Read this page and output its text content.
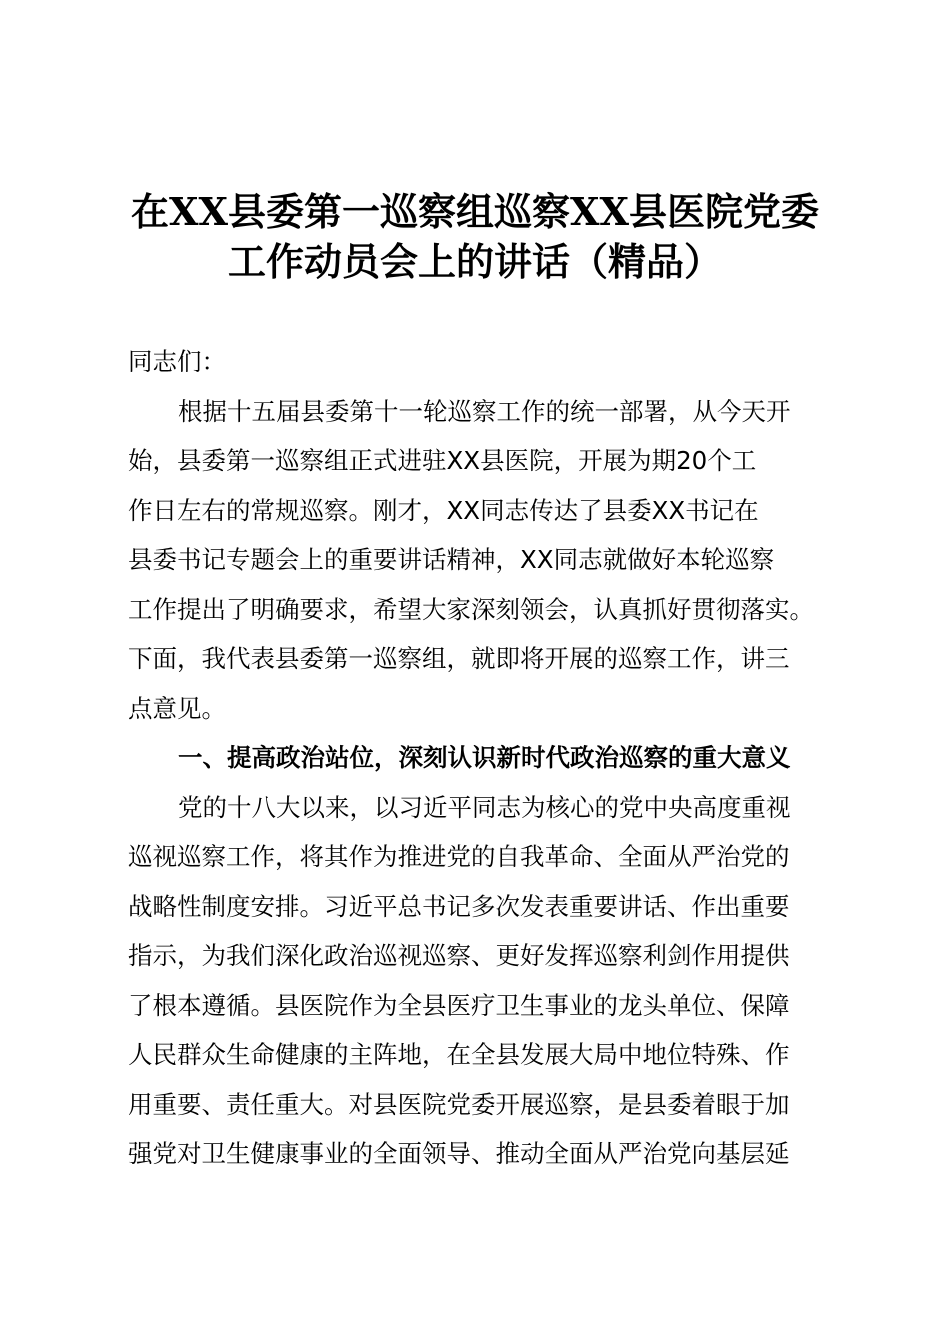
在XX县委第一巡察组巡察XX县医院党委
工作动员会上的讲话（精品）
同志们：
根据十五届县委第十一轮巡察工作的统一部署，从今天开
始，县委第一巡察组正式进驻XX县医院，开展为期20个工
作日左右的常规巡察。刚才，XX同志传达了县委XX书记在
县委书记专题会上的重要讲话精神，XX同志就做好本轮巡察
工作提出了明确要求，希望大家深刻领会，认真抓好贯彻落实。
下面，我代表县委第一巡察组，就即将开展的巡察工作，讲三
点意见。
一、提高政治站位，深刻认识新时代政治巡察的重大意义
党的十八大以来，以习近平同志为核心的党中央高度重视
巡视巡察工作，将其作为推进党的自我革命、全面从严治党的
战略性制度安排。习近平总书记多次发表重要讲话、作出重要
指示，为我们深化政治巡视巡察、更好发挥巡察利剑作用提供
了根本遵循。县医院作为全县医疗卫生事业的龙头单位、保障
人民群众生命健康的主阵地，在全县发展大局中地位特殊、作
用重要、责任重大。对县医院党委开展巡察，是县委着眼于加
强党对卫生健康事业的全面领导、推动全面从严治党向基层延
